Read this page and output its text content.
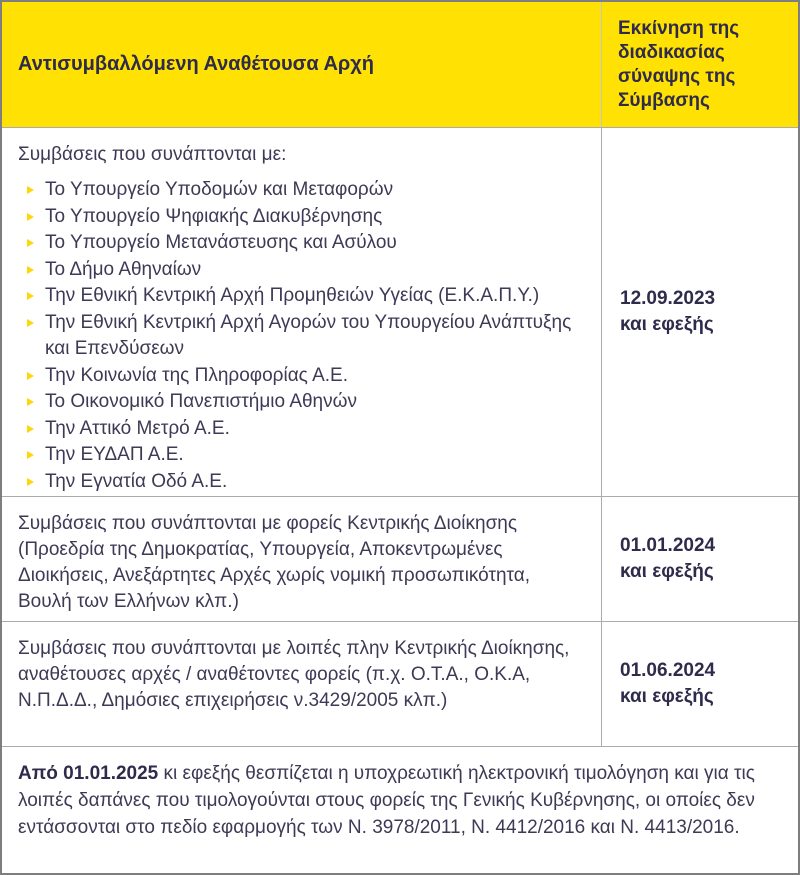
Αντισυμβαλλόμενη Αναθέτουσα Αρχή
Εκκίνηση της διαδικασίας σύναψης της Σύμβασης

Συμβάσεις που συνάπτονται με:

Το Υπουργείο Υποδομών και Μεταφορών
Το Υπουργείο Ψηφιακής Διακυβέρνησης
Το Υπουργείο Μετανάστευσης και Ασύλου
Το Δήμο Αθηναίων
Την Εθνική Κεντρική Αρχή Προμηθειών Υγείας (Ε.Κ.Α.Π.Υ.)
Την Εθνική Κεντρική Αρχή Αγορών του Υπουργείου Ανάπτυξης και Επενδύσεων
Την Κοινωνία της Πληροφορίας Α.Ε.
Το Οικονομικό Πανεπιστήμιο Αθηνών
Την Αττικό Μετρό Α.Ε.
Την ΕΥΔΑΠ Α.Ε.
Την Εγνατία Οδό Α.Ε.
12.09.2023
και εφεξής

Συμβάσεις που συνάπτονται με φορείς Κεντρικής Διοίκησης (Προεδρία της Δημοκρατίας, Υπουργεία, Αποκεντρωμένες Διοικήσεις, Ανεξάρτητες Αρχές χωρίς νομική προσωπικότητα, Βουλή των Ελλήνων κλπ.)

01.01.2024
και εφεξής

Συμβάσεις που συνάπτονται με λοιπές πλην Κεντρικής Διοίκησης, αναθέτουσες αρχές / αναθέτοντες φορείς (π.χ. Ο.Τ.Α., Ο.Κ.Α, Ν.Π.Δ.Δ., Δημόσιες επιχειρήσεις ν.3429/2005 κλπ.)

01.06.2024
και εφεξής
Από 01.01.2025 κι εφεξής θεσπίζεται η υποχρεωτική ηλεκτρονική τιμολόγηση και για τις λοιπές δαπάνες που τιμολογούνται στους φορείς της Γενικής Κυβέρνησης, οι οποίες δεν εντάσσονται στο πεδίο εφαρμογής των Ν. 3978/2011, Ν. 4412/2016 και Ν. 4413/2016.
